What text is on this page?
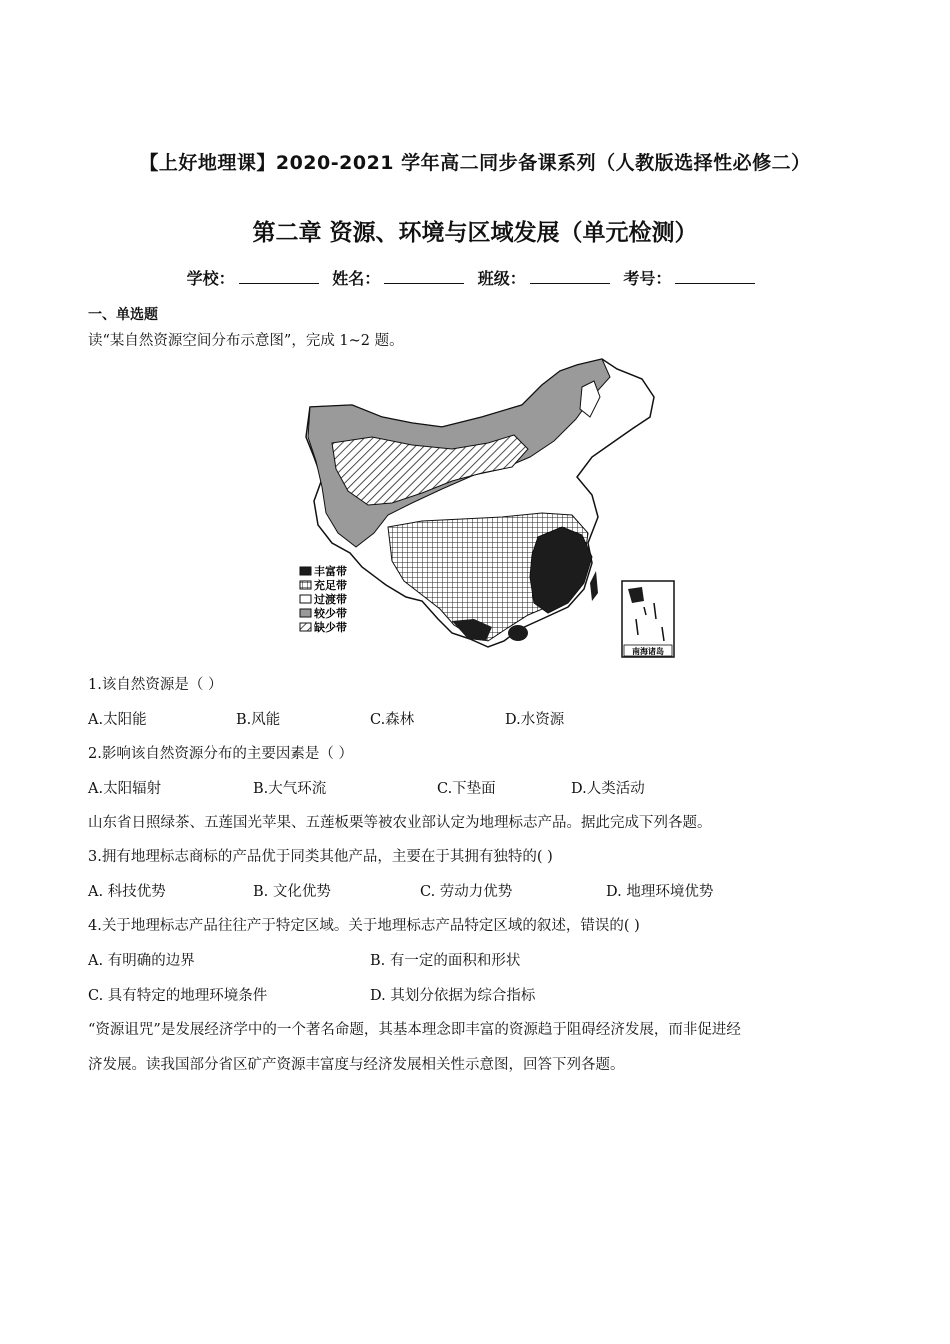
【上好地理课】2020-2021 学年高二同步备课系列（人教版选择性必修二）
第二章 资源、环境与区域发展（单元检测）
学校：	姓名：	班级：	考号：
一、单选题
读“某自然资源空间分布示意图”，完成 1~2 题。
丰富带
充足带
过渡带
较少带
缺少带
南海诸岛
1.该自然资源是（ ）
A.太阳能	B.风能	C.森林	D.水资源
2.影响该自然资源分布的主要因素是（ ）
A.太阳辐射	B.大气环流	C.下垫面	D.人类活动
山东省日照绿茶、五莲国光苹果、五莲板栗等被农业部认定为地理标志产品。据此完成下列各题。
3.拥有地理标志商标的产品优于同类其他产品，主要在于其拥有独特的( )
A. 科技优势	B. 文化优势	C. 劳动力优势	D. 地理环境优势
4.关于地理标志产品往往产于特定区域。关于地理标志产品特定区域的叙述，错误的( )
A. 有明确的边界	B. 有一定的面积和形状
C. 具有特定的地理环境条件	D. 其划分依据为综合指标
“资源诅咒”是发展经济学中的一个著名命题，其基本理念即丰富的资源趋于阻碍经济发展，而非促进经
济发展。读我国部分省区矿产资源丰富度与经济发展相关性示意图，回答下列各题。
